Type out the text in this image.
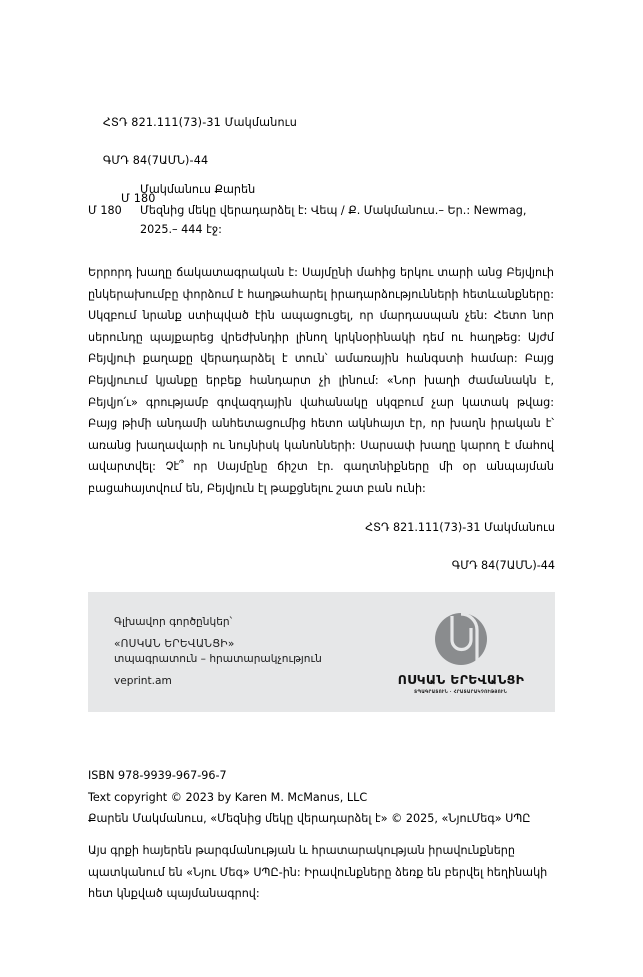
ՀՏԴ 821.111(73)-31 Մակմանուս

ԳՄԴ 84(7ԱՄՆ)-44

Մ 180

Մակմանուս Քարեն
Մ 180	Մեզնից մեկը վերադարձել է: Վեպ / Ք. Մակմանուս.– Եր.: Newmag, 2025.– 444 էջ:
Երրորդ խաղը ճակատագրական է: Սայմընի մահից երկու տարի անց Բեյվյուի ընկերախումբը փորձում է հաղթահարել իրադարձությունների հետևանքները: Սկզբում նրանք ստիպված էին ապացուցել, որ մարդասպան չեն: Հետո նոր սերունդը պայքարեց վրեժխնդիր լինող կրկնօրինակի դեմ ու հաղթեց: Այժմ Բեյվյուի քաղաքը վերադարձել է տուն՝ ամառային հանգստի համար: Բայց Բեյվյուում կյանքը երբեք հանդարտ չի լինում: «Նոր խաղի ժամանակն է, Բեյվյո՛ւ» գրությամբ գովազդային վահանակը սկզբում չար կատակ թվաց: Բայց թիմի անդամի անհետացումից հետո ակնհայտ էր, որ խաղն իրական է՝ առանց խաղավարի ու նույնիսկ կանոնների: Սարսափ խաղը կարող է մահով ավարտվել: Չէ՞ որ Սայմընը ճիշտ էր. գաղտնիքները մի օր անպայման բացահայտվում են, Բեյվյուն էլ թաքցնելու շատ բան ունի:

ՀՏԴ 821.111(73)-31 Մակմանուս

ԳՄԴ 84(7ԱՄՆ)-44

Գլխավոր գործընկեր՝
«ՈՍԿԱՆ ԵՐԵՎԱՆՑԻ»
տպագրատուն – հրատարակչություն
veprint.am	ՈՍԿԱՆ ԵՐԵՎԱՆՑԻ
ՏՊԱԳՐԱՏՈՒՆ · ՀՐԱՏԱՐԱԿՉՈՒԹՅՈՒՆ
ISBN 978-9939-967-96-7
Text copyright © 2023 by Karen M. McManus, LLC
Քարեն Մակմանուս, «Մեզնից մեկը վերադարձել է» © 2025, «ՆյուՄեգ» ՍՊԸ
Այս գրքի հայերեն թարգմանության և հրատարակության իրավունքները պատկանում են «Նյու Մեգ» ՍՊԸ-ին: Իրավունքները ձեռք են բերվել հեղինակի հետ կնքված պայմանագրով:
